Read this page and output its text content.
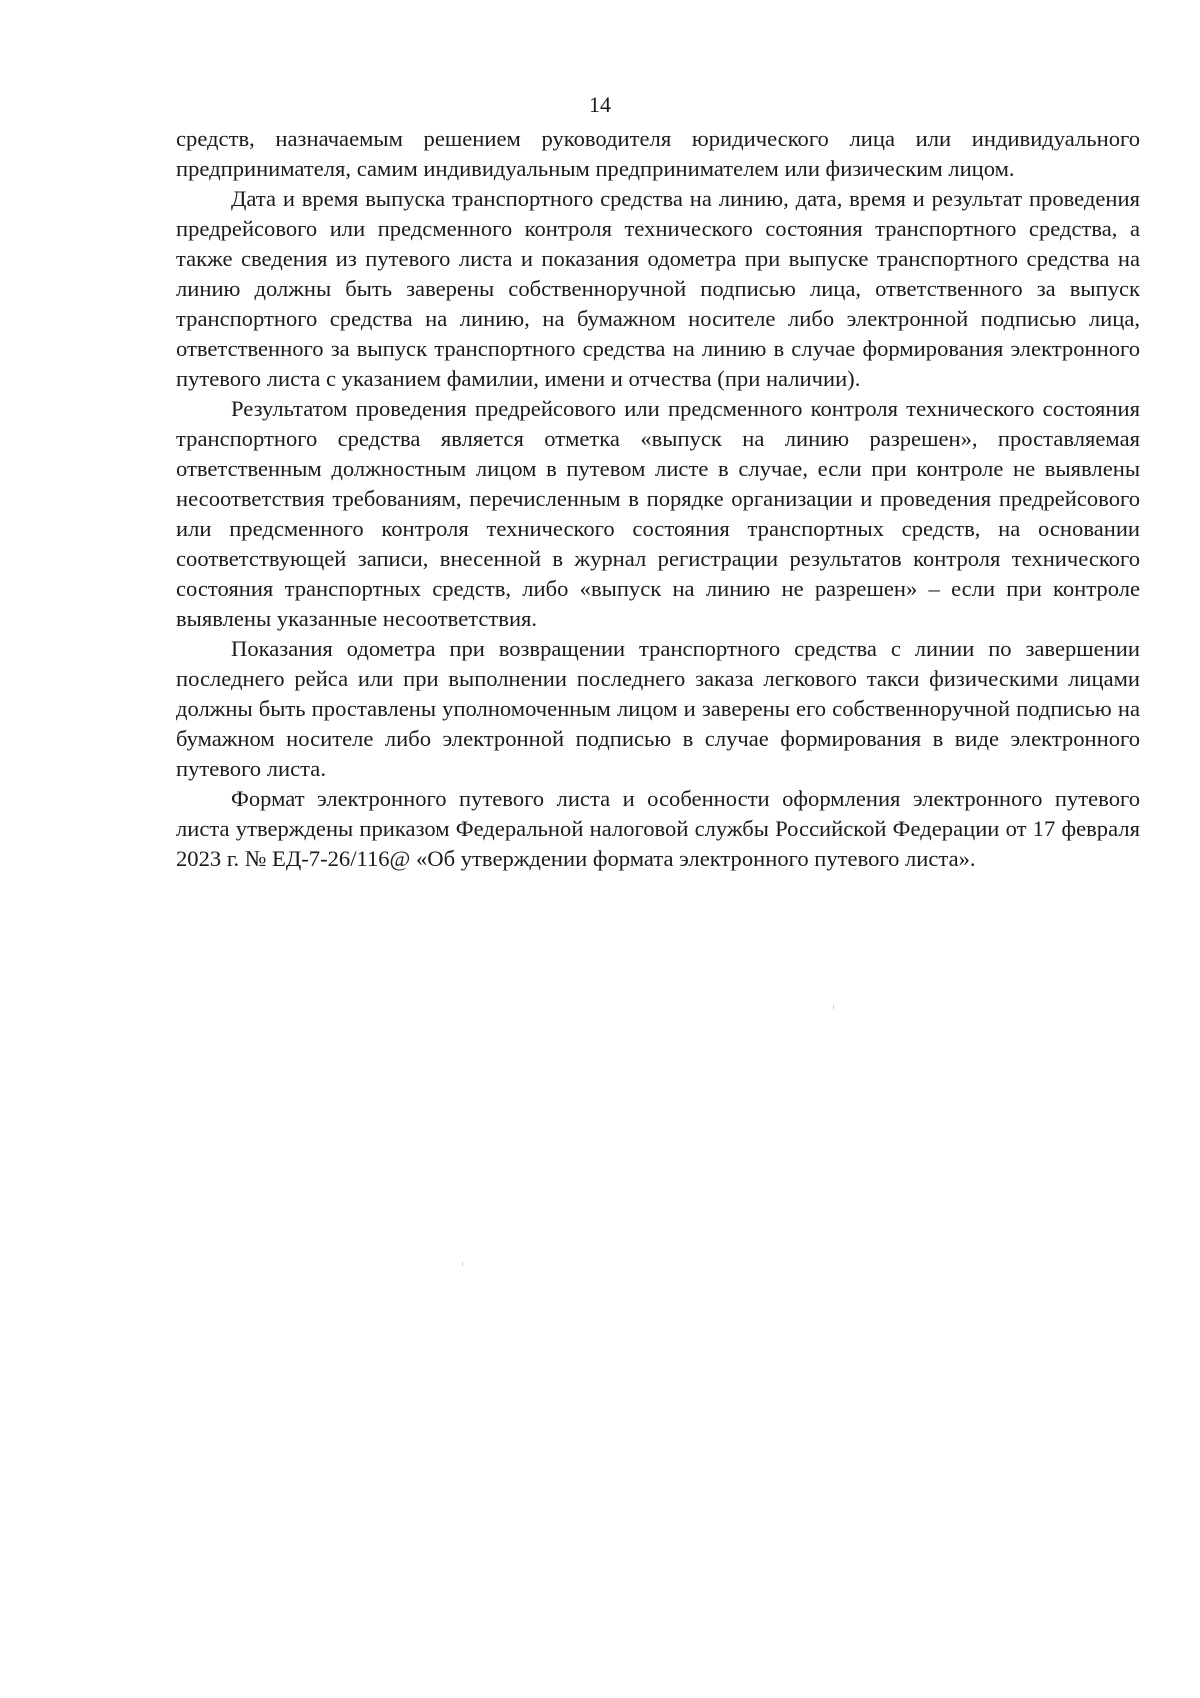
14

средств, назначаемым решением руководителя юридического лица или индивидуального предпринимателя, самим индивидуальным предпринимателем или физическим лицом.

Дата и время выпуска транспортного средства на линию, дата, время и результат проведения предрейсового или предсменного контроля технического состояния транспортного средства, а также сведения из путевого листа и показания одометра при выпуске транспортного средства на линию должны быть заверены собственноручной подписью лица, ответственного за выпуск транспортного средства на линию, на бумажном носителе либо электронной подписью лица, ответственного за выпуск транспортного средства на линию в случае формирования электронного путевого листа с указанием фамилии, имени и отчества (при наличии).

Результатом проведения предрейсового или предсменного контроля технического состояния транспортного средства является отметка «выпуск на линию разрешен», проставляемая ответственным должностным лицом в путевом листе в случае, если при контроле не выявлены несоответствия требованиям, перечисленным в порядке организации и проведения предрейсового или предсменного контроля технического состояния транспортных средств, на основании соответствующей записи, внесенной в журнал регистрации результатов контроля технического состояния транспортных средств, либо «выпуск на линию не разрешен» – если при контроле выявлены указанные несоответствия.

Показания одометра при возвращении транспортного средства с линии по завершении последнего рейса или при выполнении последнего заказа легкового такси физическими лицами должны быть проставлены уполномоченным лицом и заверены его собственноручной подписью на бумажном носителе либо электронной подписью в случае формирования в виде электронного путевого листа.

Формат электронного путевого листа и особенности оформления электронного путевого листа утверждены приказом Федеральной налоговой службы Российской Федерации от 17 февраля 2023 г. № ЕД-7-26/116@ «Об утверждении формата электронного путевого листа».
